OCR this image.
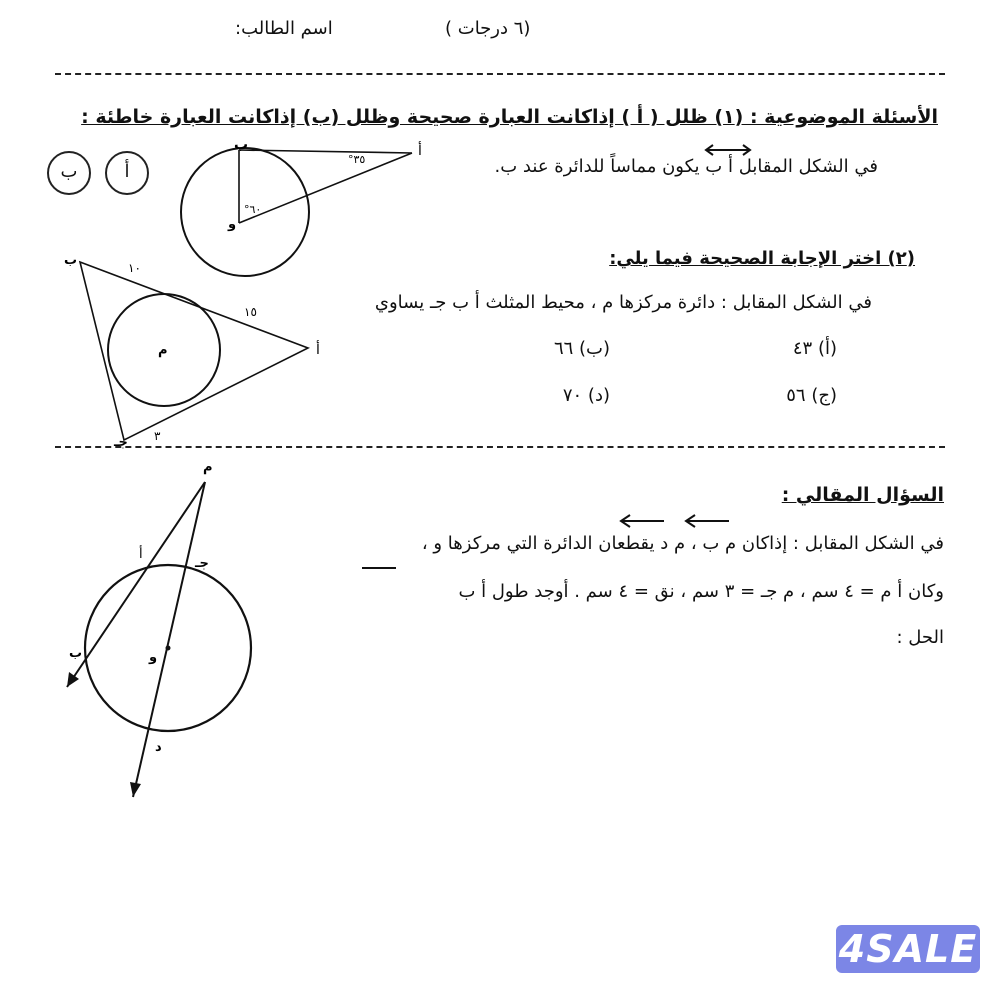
(٦ درجات )
اسم الطالب:
الأسئلة الموضوعية : (١) ظلل ( أ ) إذاكانت العبارة صحيحة وظلل (ب) إذاكانت العبارة خاطئة :
في الشكل المقابل
أ ب يكون مماساً للدائرة عند ب.
أ
ب
ب	أ
و
°٣٥
°٦٠
(٢) اختر الإجابة الصحيحة فيما يلي:
في الشكل المقابل : دائرة مركزها م ، محيط المثلث أ ب جـ يساوي
(أ) ٤٣
(ب) ٦٦
(ج) ٥٦
(د) ٧٠
ب
أ
جـ
م
١٠
١٥
٣
السؤال المقالي :
في الشكل المقابل : إذاكان م ب ، م د يقطعان الدائرة التي مركزها و ،
وكان أ م = ٤ سم ، م جـ = ٣ سم ، نق = ٤ سم . أوجد طول أ ب
الحل :
م
أ
جـ
ب	و
د
4SALE
